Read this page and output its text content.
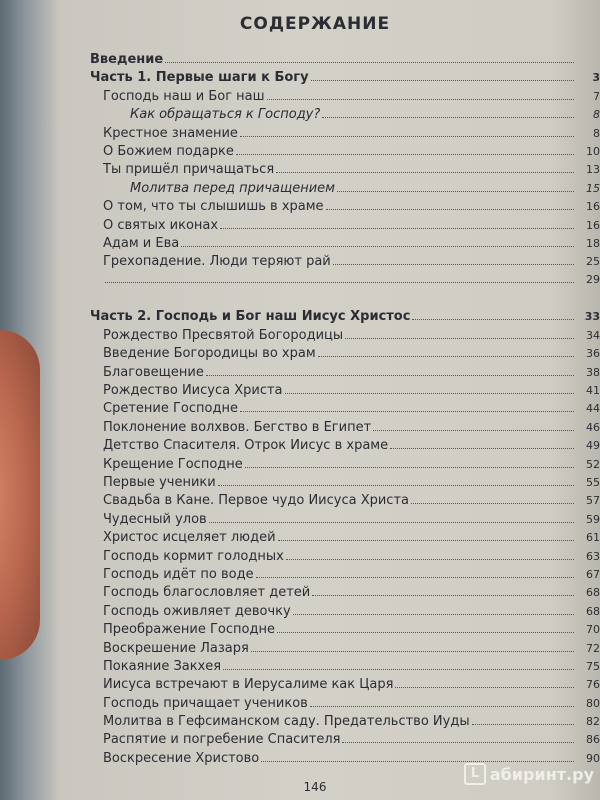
СОДЕРЖАНИЕ
Введение
Часть 1. Первые шаги к Богу	3
Господь наш и Бог наш	7
Как обращаться к Господу?	8
Крестное знамение	8
О Божием подарке	10
Ты пришёл причащаться	13
Молитва перед причащением	15
О том, что ты слышишь в храме	16
О святых иконах	16
Адам и Ева	18
Грехопадение. Люди теряют рай	25
29
Часть 2. Господь и Бог наш Иисус Христос	33
Рождество Пресвятой Богородицы	34
Введение Богородицы во храм	36
Благовещение	38
Рождество Иисуса Христа	41
Сретение Господне	44
Поклонение волхвов. Бегство в Египет	46
Детство Спасителя. Отрок Иисус в храме	49
Крещение Господне	52
Первые ученики	55
Свадьба в Кане. Первое чудо Иисуса Христа	57
Чудесный улов	59
Христос исцеляет людей	61
Господь кормит голодных	63
Господь идёт по воде	67
Господь благословляет детей	68
Господь оживляет девочку	68
Преображение Господне	70
Воскрешение Лазаря	72
Покаяние Закхея	75
Иисуса встречают в Иерусалиме как Царя	76
Господь причащает учеников	80
Молитва в Гефсиманском саду. Предательство Иуды	82
Распятие и погребение Спасителя	86
Воскресение Христово	90
146
L абиринт.ру
